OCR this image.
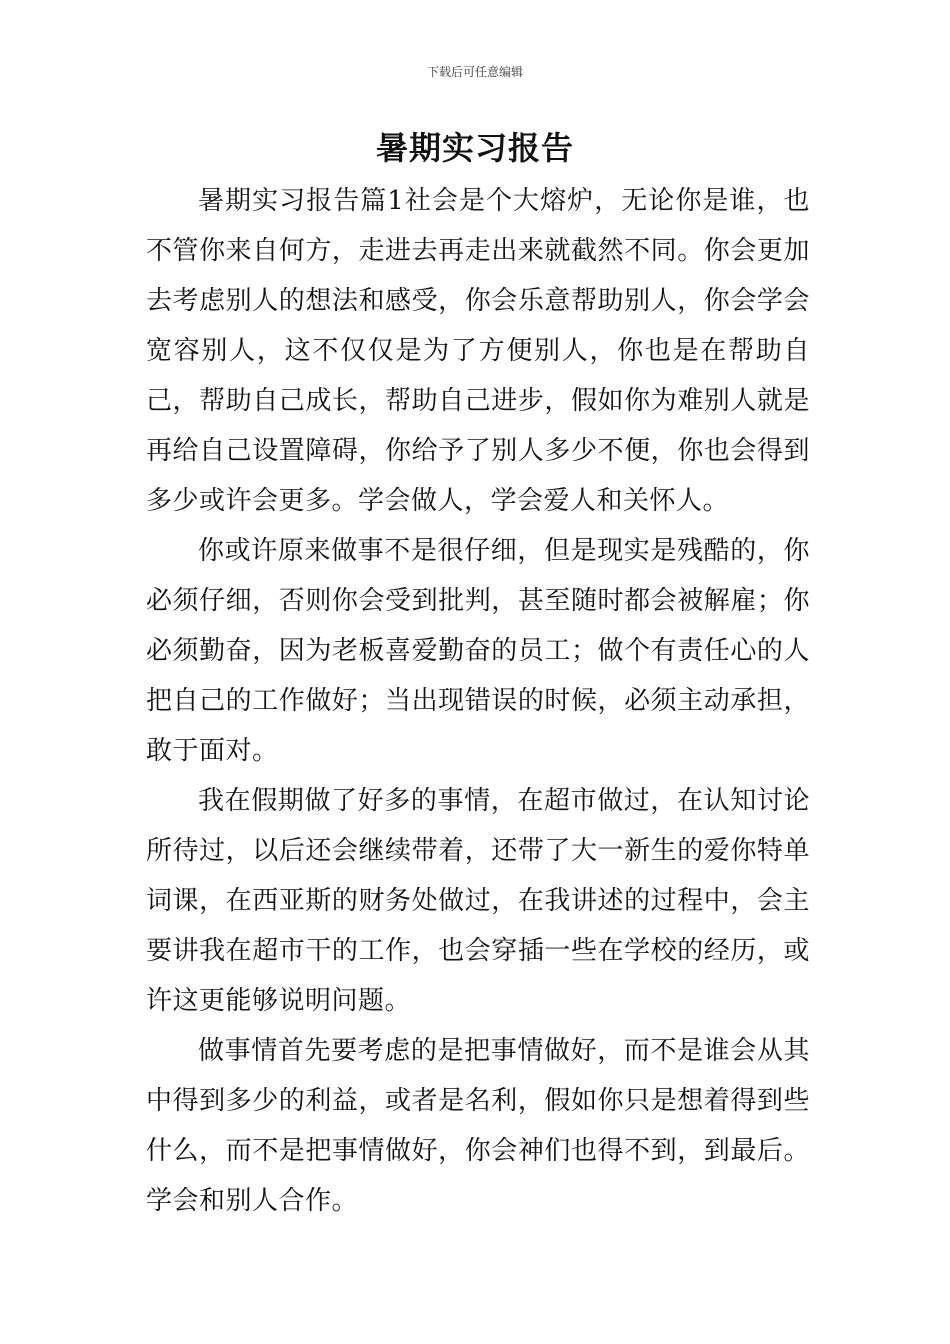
下载后可任意编辑
暑期实习报告

暑期实习报告篇1社会是个大熔炉，无论你是谁，也不管你来自何方，走进去再走出来就截然不同。你会更加去考虑别人的想法和感受，你会乐意帮助别人，你会学会宽容别人，这不仅仅是为了方便别人，你也是在帮助自己，帮助自己成长，帮助自己进步，假如你为难别人就是再给自己设置障碍，你给予了别人多少不便，你也会得到多少或许会更多。学会做人，学会爱人和关怀人。

你或许原来做事不是很仔细，但是现实是残酷的，你必须仔细，否则你会受到批判，甚至随时都会被解雇；你必须勤奋，因为老板喜爱勤奋的员工；做个有责任心的人把自己的工作做好；当出现错误的时候，必须主动承担，敢于面对。

我在假期做了好多的事情，在超市做过，在认知讨论所待过，以后还会继续带着，还带了大一新生的爱你特单词课，在西亚斯的财务处做过，在我讲述的过程中，会主要讲我在超市干的工作，也会穿插一些在学校的经历，或许这更能够说明问题。

做事情首先要考虑的是把事情做好，而不是谁会从其中得到多少的利益，或者是名利，假如你只是想着得到些什么，而不是把事情做好，你会神们也得不到，到最后。学会和别人合作。
